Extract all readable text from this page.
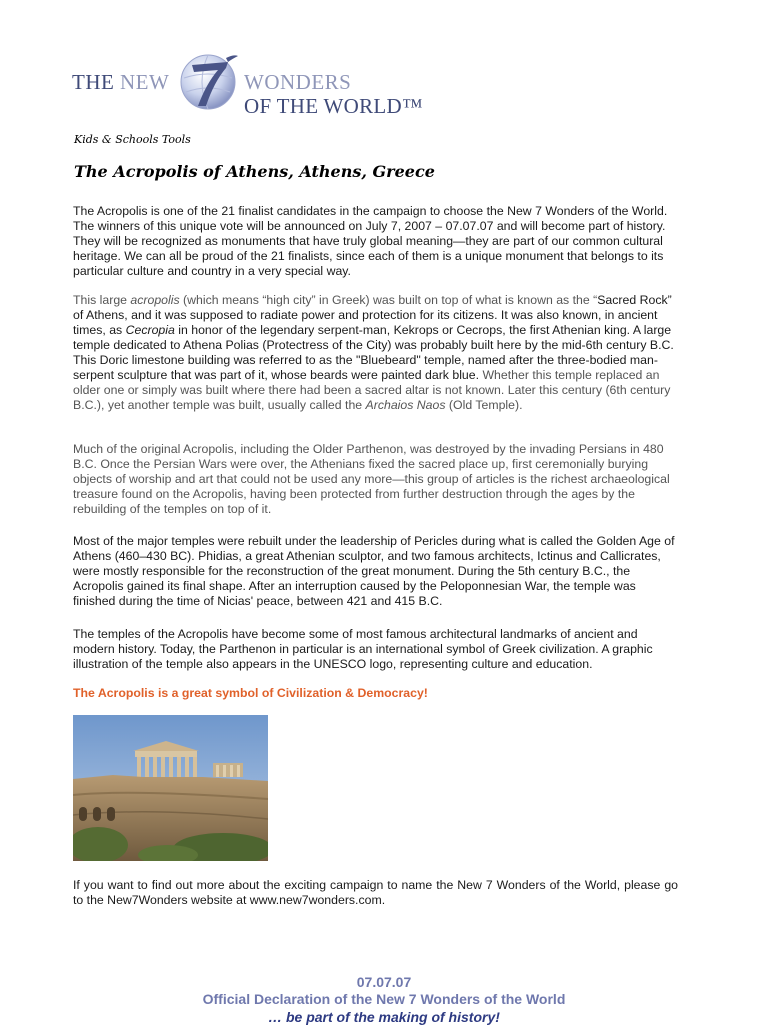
THE NEW	WONDERS
OF THE WORLD™
Kids & Schools Tools
The Acropolis of Athens, Athens, Greece

The Acropolis is one of the 21 finalist candidates in the campaign to choose the New 7 Wonders of the World. The winners of this unique vote will be announced on July 7, 2007 – 07.07.07 and will become part of history. They will be recognized as monuments that have truly global meaning—they are part of our common cultural heritage. We can all be proud of the 21 finalists, since each of them is a unique monument that belongs to its particular culture and country in a very special way.

This large acropolis (which means “high city” in Greek) was built on top of what is known as the “Sacred Rock” of Athens, and it was supposed to radiate power and protection for its citizens. It was also known, in ancient times, as Cecropia in honor of the legendary serpent-man, Kekrops or Cecrops, the first Athenian king. A large temple dedicated to Athena Polias (Protectress of the City) was probably built here by the mid-6th century B.C. This Doric limestone building was referred to as the "Bluebeard" temple, named after the three-bodied man-serpent sculpture that was part of it, whose beards were painted dark blue. Whether this temple replaced an older one or simply was built where there had been a sacred altar is not known. Later this century (6th century B.C.), yet another temple was built, usually called the Archaios Naos (Old Temple).

Much of the original Acropolis, including the Older Parthenon, was destroyed by the invading Persians in 480 B.C. Once the Persian Wars were over, the Athenians fixed the sacred place up, first ceremonially burying objects of worship and art that could not be used any more—this group of articles is the richest archaeological treasure found on the Acropolis, having been protected from further destruction through the ages by the rebuilding of the temples on top of it.

Most of the major temples were rebuilt under the leadership of Pericles during what is called the Golden Age of Athens (460–430 BC). Phidias, a great Athenian sculptor, and two famous architects, Ictinus and Callicrates, were mostly responsible for the reconstruction of the great monument. During the 5th century B.C., the Acropolis gained its final shape. After an interruption caused by the Peloponnesian War, the temple was finished during the time of Nicias' peace, between 421 and 415 B.C.

The temples of the Acropolis have become some of most famous architectural landmarks of ancient and modern history. Today, the Parthenon in particular is an international symbol of Greek civilization. A graphic illustration of the temple also appears in the UNESCO logo, representing culture and education.

The Acropolis is a great symbol of Civilization & Democracy!

If you want to find out more about the exciting campaign to name the New 7 Wonders of the World, please go to the New7Wonders website at www.new7wonders.com.

07.07.07
Official Declaration of the New 7 Wonders of the World
… be part of the making of history!
